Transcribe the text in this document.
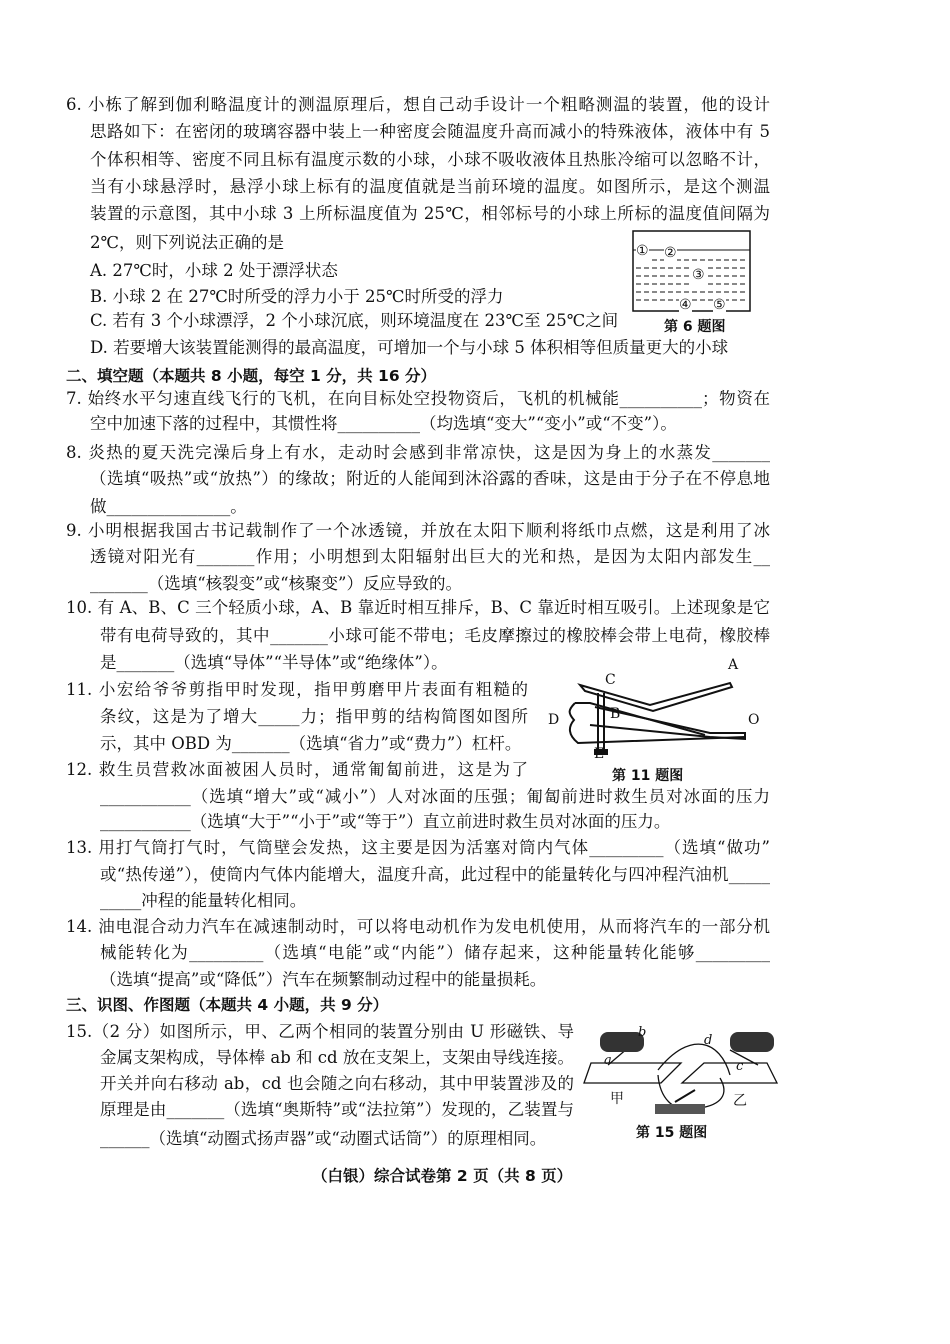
6. 小栋了解到伽利略温度计的测温原理后，想自己动手设计一个粗略测温的装置，他的设计
思路如下：在密闭的玻璃容器中装上一种密度会随温度升高而减小的特殊液体，液体中有 5
个体积相等、密度不同且标有温度示数的小球，小球不吸收液体且热胀冷缩可以忽略不计，
当有小球悬浮时，悬浮小球上标有的温度值就是当前环境的温度。如图所示，是这个测温
装置的示意图，其中小球 3 上所标温度值为 25℃，相邻标号的小球上所标的温度值间隔为
2℃，则下列说法正确的是
A. 27℃时，小球 2 处于漂浮状态
B. 小球 2 在 27℃时所受的浮力小于 25℃时所受的浮力
C. 若有 3 个小球漂浮，2 个小球沉底，则环境温度在 23℃至 25℃之间
D. 若要增大该装置能测得的最高温度，可增加一个与小球 5 体积相等但质量更大的小球
① ②
③
④ ⑤
第 6 题图
二、填空题（本题共 8 小题，每空 1 分，共 16 分）
7. 始终水平匀速直线飞行的飞机，在向目标处空投物资后，飞机的机械能__________；物资在
空中加速下落的过程中，其惯性将__________（均选填“变大”“变小”或“不变”）。
8. 炎热的夏天洗完澡后身上有水，走动时会感到非常凉快，这是因为身上的水蒸发_______
（选填“吸热”或“放热”）的缘故；附近的人能闻到沐浴露的香味，这是由于分子在不停息地
做_______________。
9. 小明根据我国古书记载制作了一个冰透镜，并放在太阳下顺利将纸巾点燃，这是利用了冰
透镜对阳光有_______作用；小明想到太阳辐射出巨大的光和热，是因为太阳内部发生__
_______（选填“核裂变”或“核聚变”）反应导致的。
10. 有 A、B、C 三个轻质小球，A、B 靠近时相互排斥，B、C 靠近时相互吸引。上述现象是它
带有电荷导致的，其中_______小球可能不带电；毛皮摩擦过的橡胶棒会带上电荷，橡胶棒
是_______（选填“导体”“半导体”或“绝缘体”）。
11. 小宏给爷爷剪指甲时发现，指甲剪磨甲片表面有粗糙的
条纹，这是为了增大_____力；指甲剪的结构简图如图所
示，其中 OBD 为_______（选填“省力”或“费力”）杠杆。
A
B
C
D
E
O
第 11 题图
12. 救生员营救冰面被困人员时，通常匍匐前进，这是为了
___________（选填“增大”或“减小”）人对冰面的压强；匍匐前进时救生员对冰面的压力
___________（选填“大于”“小于”或“等于”）直立前进时救生员对冰面的压力。
13. 用打气筒打气时，气筒壁会发热，这主要是因为活塞对筒内气体_________（选填“做功”
或“热传递”），使筒内气体内能增大，温度升高，此过程中的能量转化与四冲程汽油机_____
_____冲程的能量转化相同。
14. 油电混合动力汽车在减速制动时，可以将电动机作为发电机使用，从而将汽车的一部分机
械能转化为_________（选填“电能”或“内能”）储存起来，这种能量转化能够_________
（选填“提高”或“降低”）汽车在频繁制动过程中的能量损耗。
三、识图、作图题（本题共 4 小题，共 9 分）
15.（2 分）如图所示，甲、乙两个相同的装置分别由 U 形磁铁、导
金属支架构成，导体棒 ab 和 cd 放在支架上，支架由导线连接。
开关并向右移动 ab，cd 也会随之向右移动，其中甲装置涉及的
原理是由_______（选填“奥斯特”或“法拉第”）发现的，乙装置与
______（选填“动圈式扬声器”或“动圈式话筒”）的原理相同。
a
b
c
d
甲	乙
第 15 题图
（白银）综合试卷第 2 页（共 8 页）
